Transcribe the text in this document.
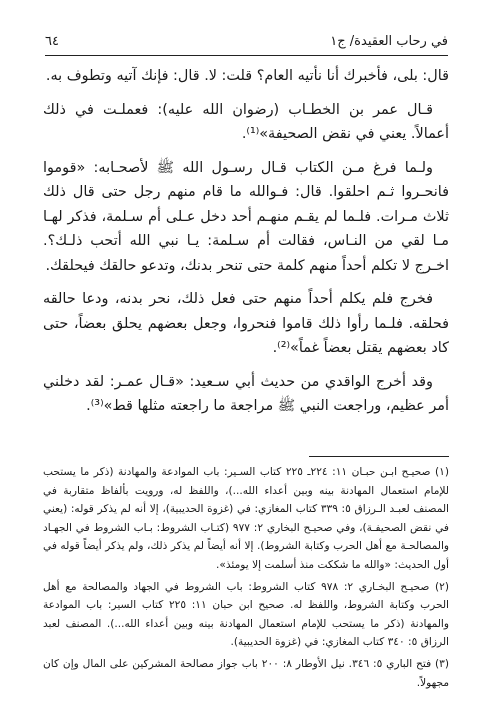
٦٤	في رحاب العقيدة/ ج١

قال: بلى، فأخبرك أنا نأتيه العام؟ قلت: لا. قال: فإنك آتيه وتطوف به.

قـال عمر بن الخطـاب (رضوان الله عليه): فعملـت في ذلك أعمالاً. يعني في نقض الصحيفة»⁽¹⁾.

ولـما فرغ مـن الكتاب قـال رسـول الله ﷺ لأصحـابه: «قوموا فانحـروا ثـم احلقوا. قال: فـوالله ما قام منهم رجل حتى قال ذلك ثلاث مـرات. فلـما لم يقـم منهـم أحد دخل عـلى أم سـلمة، فذكر لهـا مـا لقي من النـاس، فقالت أم سـلمة: يـا نبي الله أتحب ذلـك؟. اخـرج لا تكلم أحداً منهم كلمة حتى تنحر بدنك، وتدعو حالقك فيحلقك.

فخرج فلم يكلم أحداً منهم حتى فعل ذلك، نحر بدنه، ودعا حالقه فحلقه. فلـما رأوا ذلك قاموا فنحروا، وجعل بعضهم يحلق بعضاً، حتى كاد بعضهم يقتل بعضاً غماً»⁽²⁾.

وقد أخرج الواقدي من حديث أبي سـعيد: «قـال عمـر: لقد دخلني أمر عظيم، وراجعت النبي ﷺ مراجعة ما راجعته مثلها قط»⁽³⁾.

(١) صحيـح ابـن حبـان ١١: ٢٢٤ـ ٢٢٥ كتاب السـير: باب الموادعة والمهادنة (ذكر ما يستحب للإمام استعمال المهادنة بينه وبين أعداء الله...)، واللفظ له، ورويت بألفاظ متقاربة في المصنف لعبـد الـرزاق ٥: ٣٣٩ كتاب المغازي: في (غزوة الحديبية)، إلا أنه لم يذكر قوله: (يعني في نقض الصحيفـة)، وفي صحيـح البخاري ٢: ٩٧٧ (كتـاب الشروط: بـاب الشروط في الجهـاد والمصالحـة مع أهل الحرب وكتابة الشروط). إلا أنه أيضاً لم يذكر ذلك، ولم يذكر أيضاً قوله في أول الحديث: «والله ما شككت منذ أسلمت إلا يومئذ».

(٢) صحيـح البخـاري ٢: ٩٧٨ كتاب الشروط: باب الشروط في الجهاد والمصالحة مع أهل الحرب وكتابة الشروط، واللفظ له. صحيح ابن حبان ١١: ٢٢٥ كتاب السير: باب الموادعة والمهادنة (ذكر ما يستحب للإمام استعمال المهادنة بينه وبين أعداء الله...). المصنف لعبد الرزاق ٥: ٣٤٠ كتاب المغازي: في (غزوة الحديبية).

(٣) فتح الباري ٥: ٣٤٦. نيل الأوطار ٨: ٢٠٠ باب جواز مصالحة المشركين على المال وإن كان مجهولاً.
